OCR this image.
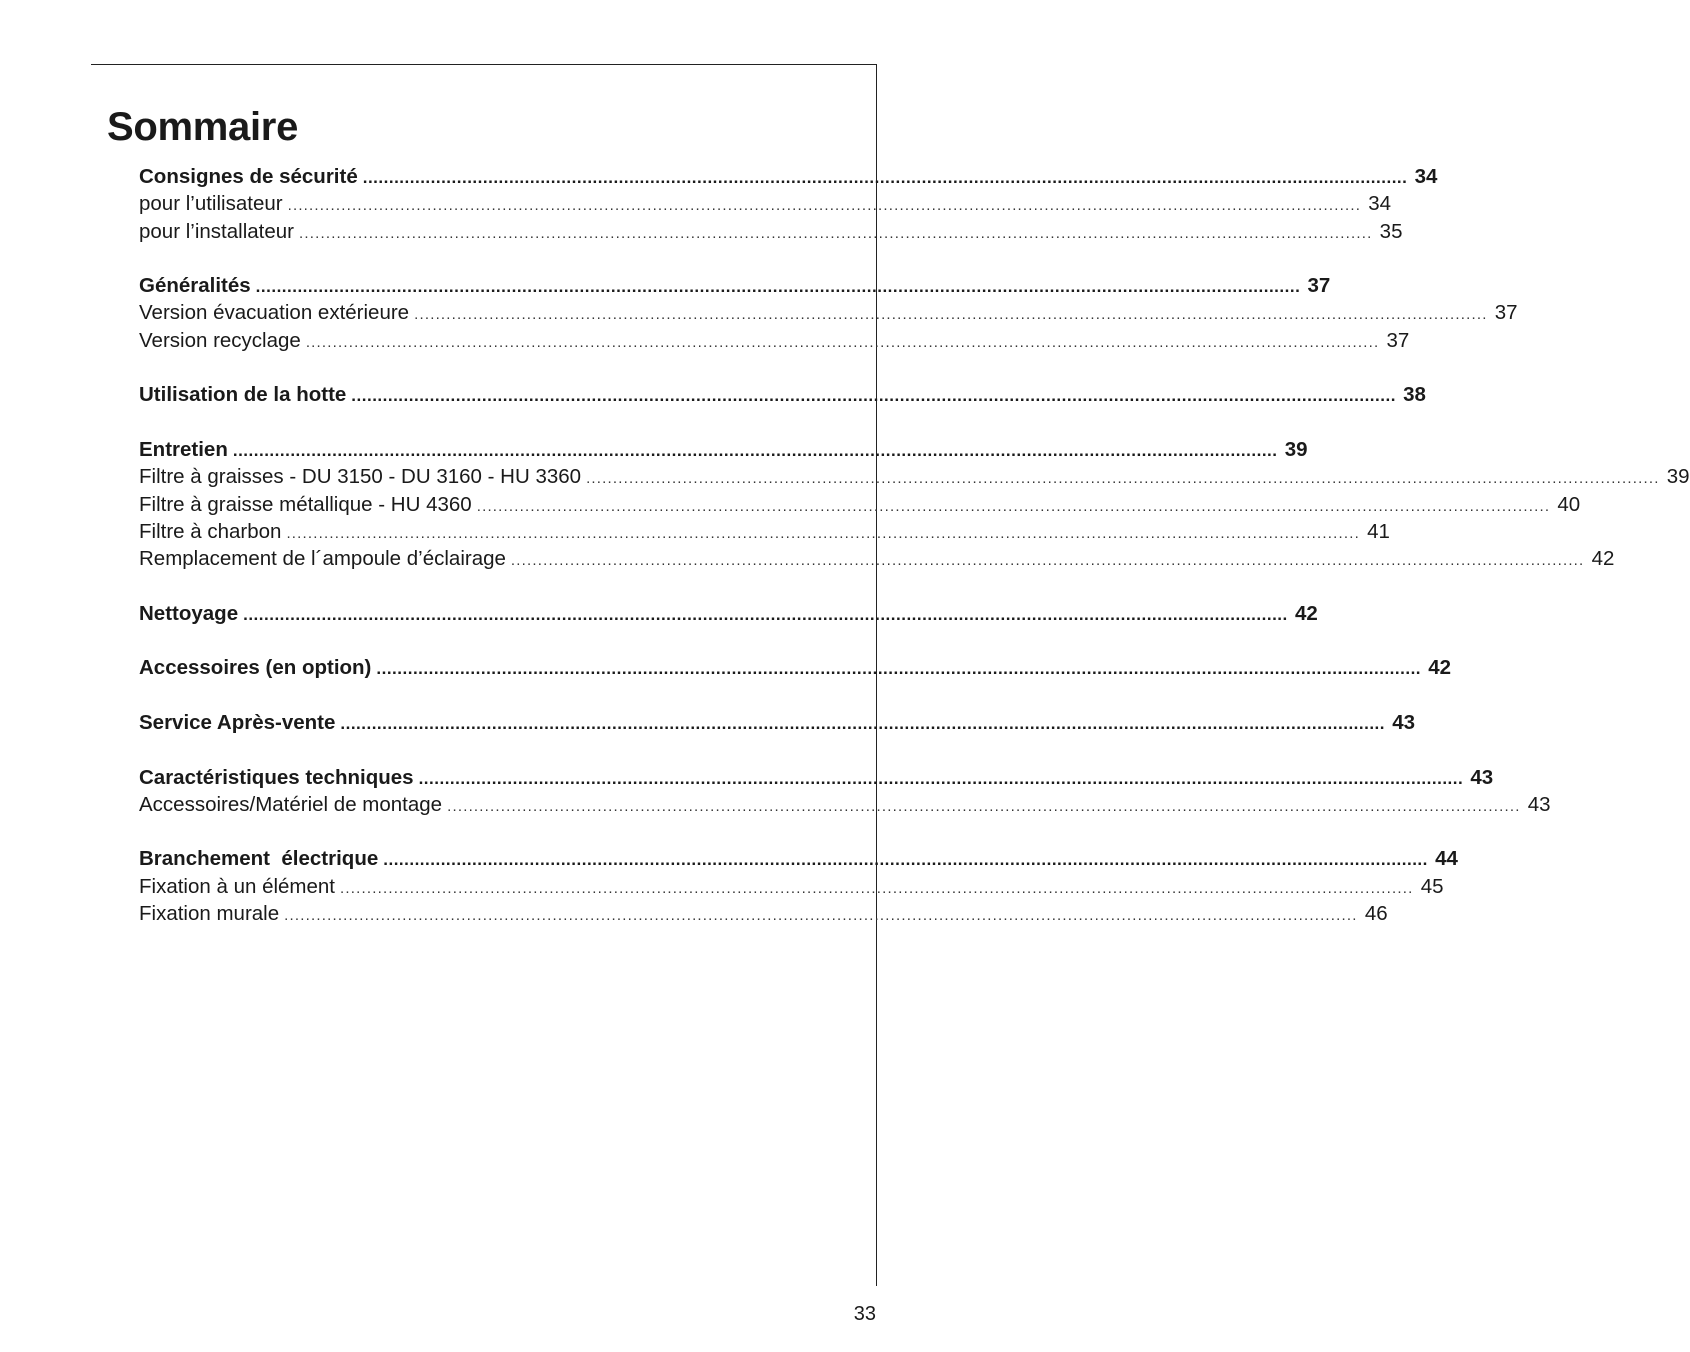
Sommaire
Consignes de sécurité ........................................................................................................................................................................................................ 34
pour l’utilisateur ........................................................................................................................................................................................................ 34
pour l’installateur ........................................................................................................................................................................................................ 35
Généralités ........................................................................................................................................................................................................ 37
Version évacuation extérieure ........................................................................................................................................................................................................ 37
Version recyclage ........................................................................................................................................................................................................ 37
Utilisation de la hotte ........................................................................................................................................................................................................ 38
Entretien ........................................................................................................................................................................................................ 39
Filtre à graisses - DU 3150 - DU 3160 - HU 3360 ........................................................................................................................................................................................................ 39
Filtre à graisse métallique - HU 4360 ........................................................................................................................................................................................................ 40
Filtre à charbon ........................................................................................................................................................................................................ 41
Remplacement de l´ampoule d’éclairage ........................................................................................................................................................................................................ 42
Nettoyage ........................................................................................................................................................................................................ 42
Accessoires (en option) ........................................................................................................................................................................................................ 42
Service Après-vente ........................................................................................................................................................................................................ 43
Caractéristiques techniques ........................................................................................................................................................................................................ 43
Accessoires/Matériel de montage ........................................................................................................................................................................................................ 43
Branchement  électrique ........................................................................................................................................................................................................ 44
Fixation à un élément ........................................................................................................................................................................................................ 45
Fixation murale ........................................................................................................................................................................................................ 46
33
